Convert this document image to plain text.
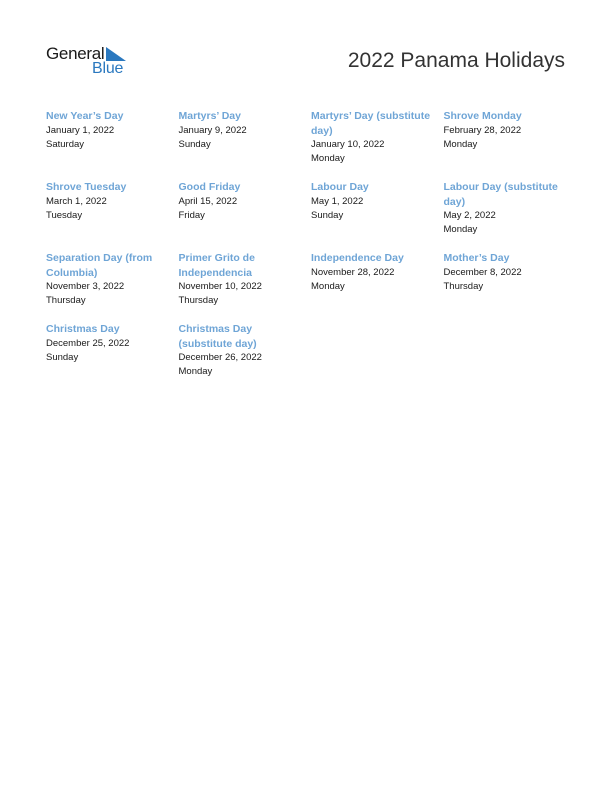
General
Blue	2022 Panama Holidays
New Year’s Day
January 1, 2022
Saturday
Martyrs’ Day
January 9, 2022
Sunday
Martyrs’ Day (substitute day)
January 10, 2022
Monday
Shrove Monday
February 28, 2022
Monday
Shrove Tuesday
March 1, 2022
Tuesday
Good Friday
April 15, 2022
Friday
Labour Day
May 1, 2022
Sunday
Labour Day (substitute day)
May 2, 2022
Monday
Separation Day (from Columbia)
November 3, 2022
Thursday
Primer Grito de Independencia
November 10, 2022
Thursday
Independence Day
November 28, 2022
Monday
Mother’s Day
December 8, 2022
Thursday
Christmas Day
December 25, 2022
Sunday
Christmas Day (substitute day)
December 26, 2022
Monday
